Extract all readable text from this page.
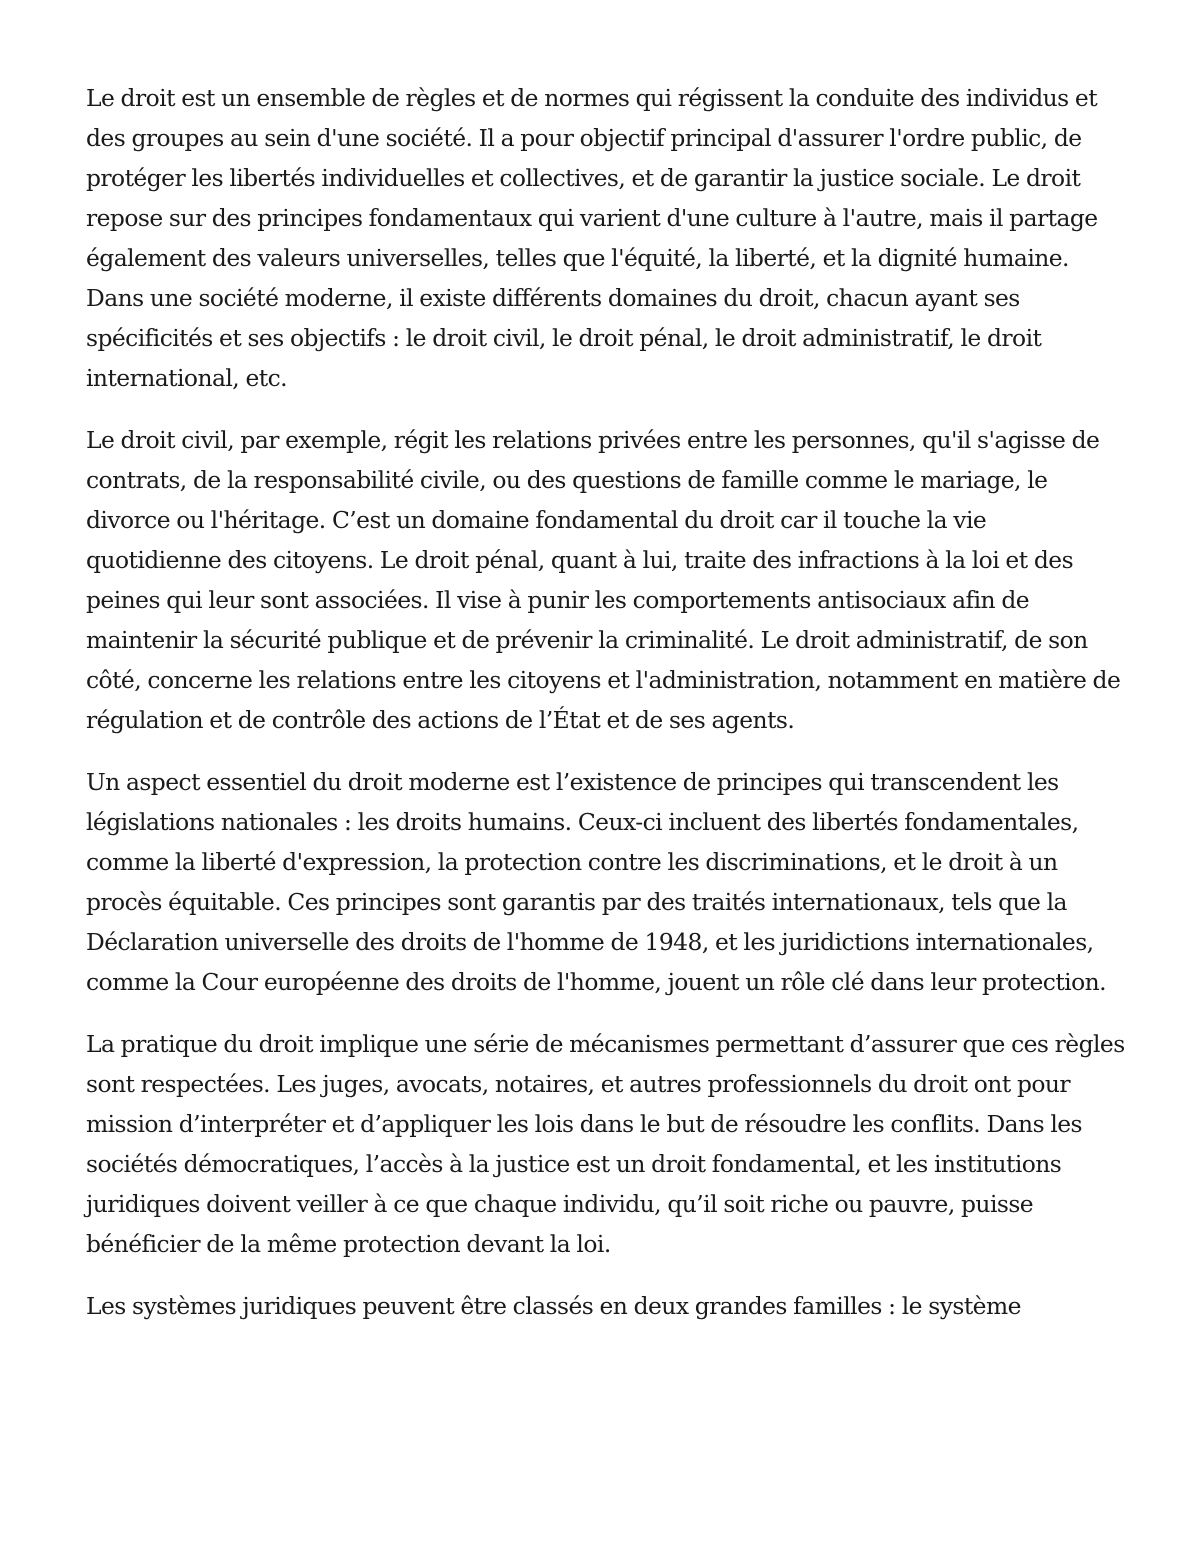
Le droit est un ensemble de règles et de normes qui régissent la conduite des individus et des groupes au sein d'une société. Il a pour objectif principal d'assurer l'ordre public, de protéger les libertés individuelles et collectives, et de garantir la justice sociale. Le droit repose sur des principes fondamentaux qui varient d'une culture à l'autre, mais il partage également des valeurs universelles, telles que l'équité, la liberté, et la dignité humaine. Dans une société moderne, il existe différents domaines du droit, chacun ayant ses spécificités et ses objectifs : le droit civil, le droit pénal, le droit administratif, le droit international, etc.

Le droit civil, par exemple, régit les relations privées entre les personnes, qu'il s'agisse de contrats, de la responsabilité civile, ou des questions de famille comme le mariage, le divorce ou l'héritage. C’est un domaine fondamental du droit car il touche la vie quotidienne des citoyens. Le droit pénal, quant à lui, traite des infractions à la loi et des peines qui leur sont associées. Il vise à punir les comportements antisociaux afin de maintenir la sécurité publique et de prévenir la criminalité. Le droit administratif, de son côté, concerne les relations entre les citoyens et l'administration, notamment en matière de régulation et de contrôle des actions de l’État et de ses agents.

Un aspect essentiel du droit moderne est l’existence de principes qui transcendent les législations nationales : les droits humains. Ceux-ci incluent des libertés fondamentales, comme la liberté d'expression, la protection contre les discriminations, et le droit à un procès équitable. Ces principes sont garantis par des traités internationaux, tels que la Déclaration universelle des droits de l'homme de 1948, et les juridictions internationales, comme la Cour européenne des droits de l'homme, jouent un rôle clé dans leur protection.

La pratique du droit implique une série de mécanismes permettant d’assurer que ces règles sont respectées. Les juges, avocats, notaires, et autres professionnels du droit ont pour mission d’interpréter et d’appliquer les lois dans le but de résoudre les conflits. Dans les sociétés démocratiques, l’accès à la justice est un droit fondamental, et les institutions juridiques doivent veiller à ce que chaque individu, qu’il soit riche ou pauvre, puisse bénéficier de la même protection devant la loi.

Les systèmes juridiques peuvent être classés en deux grandes familles : le système
